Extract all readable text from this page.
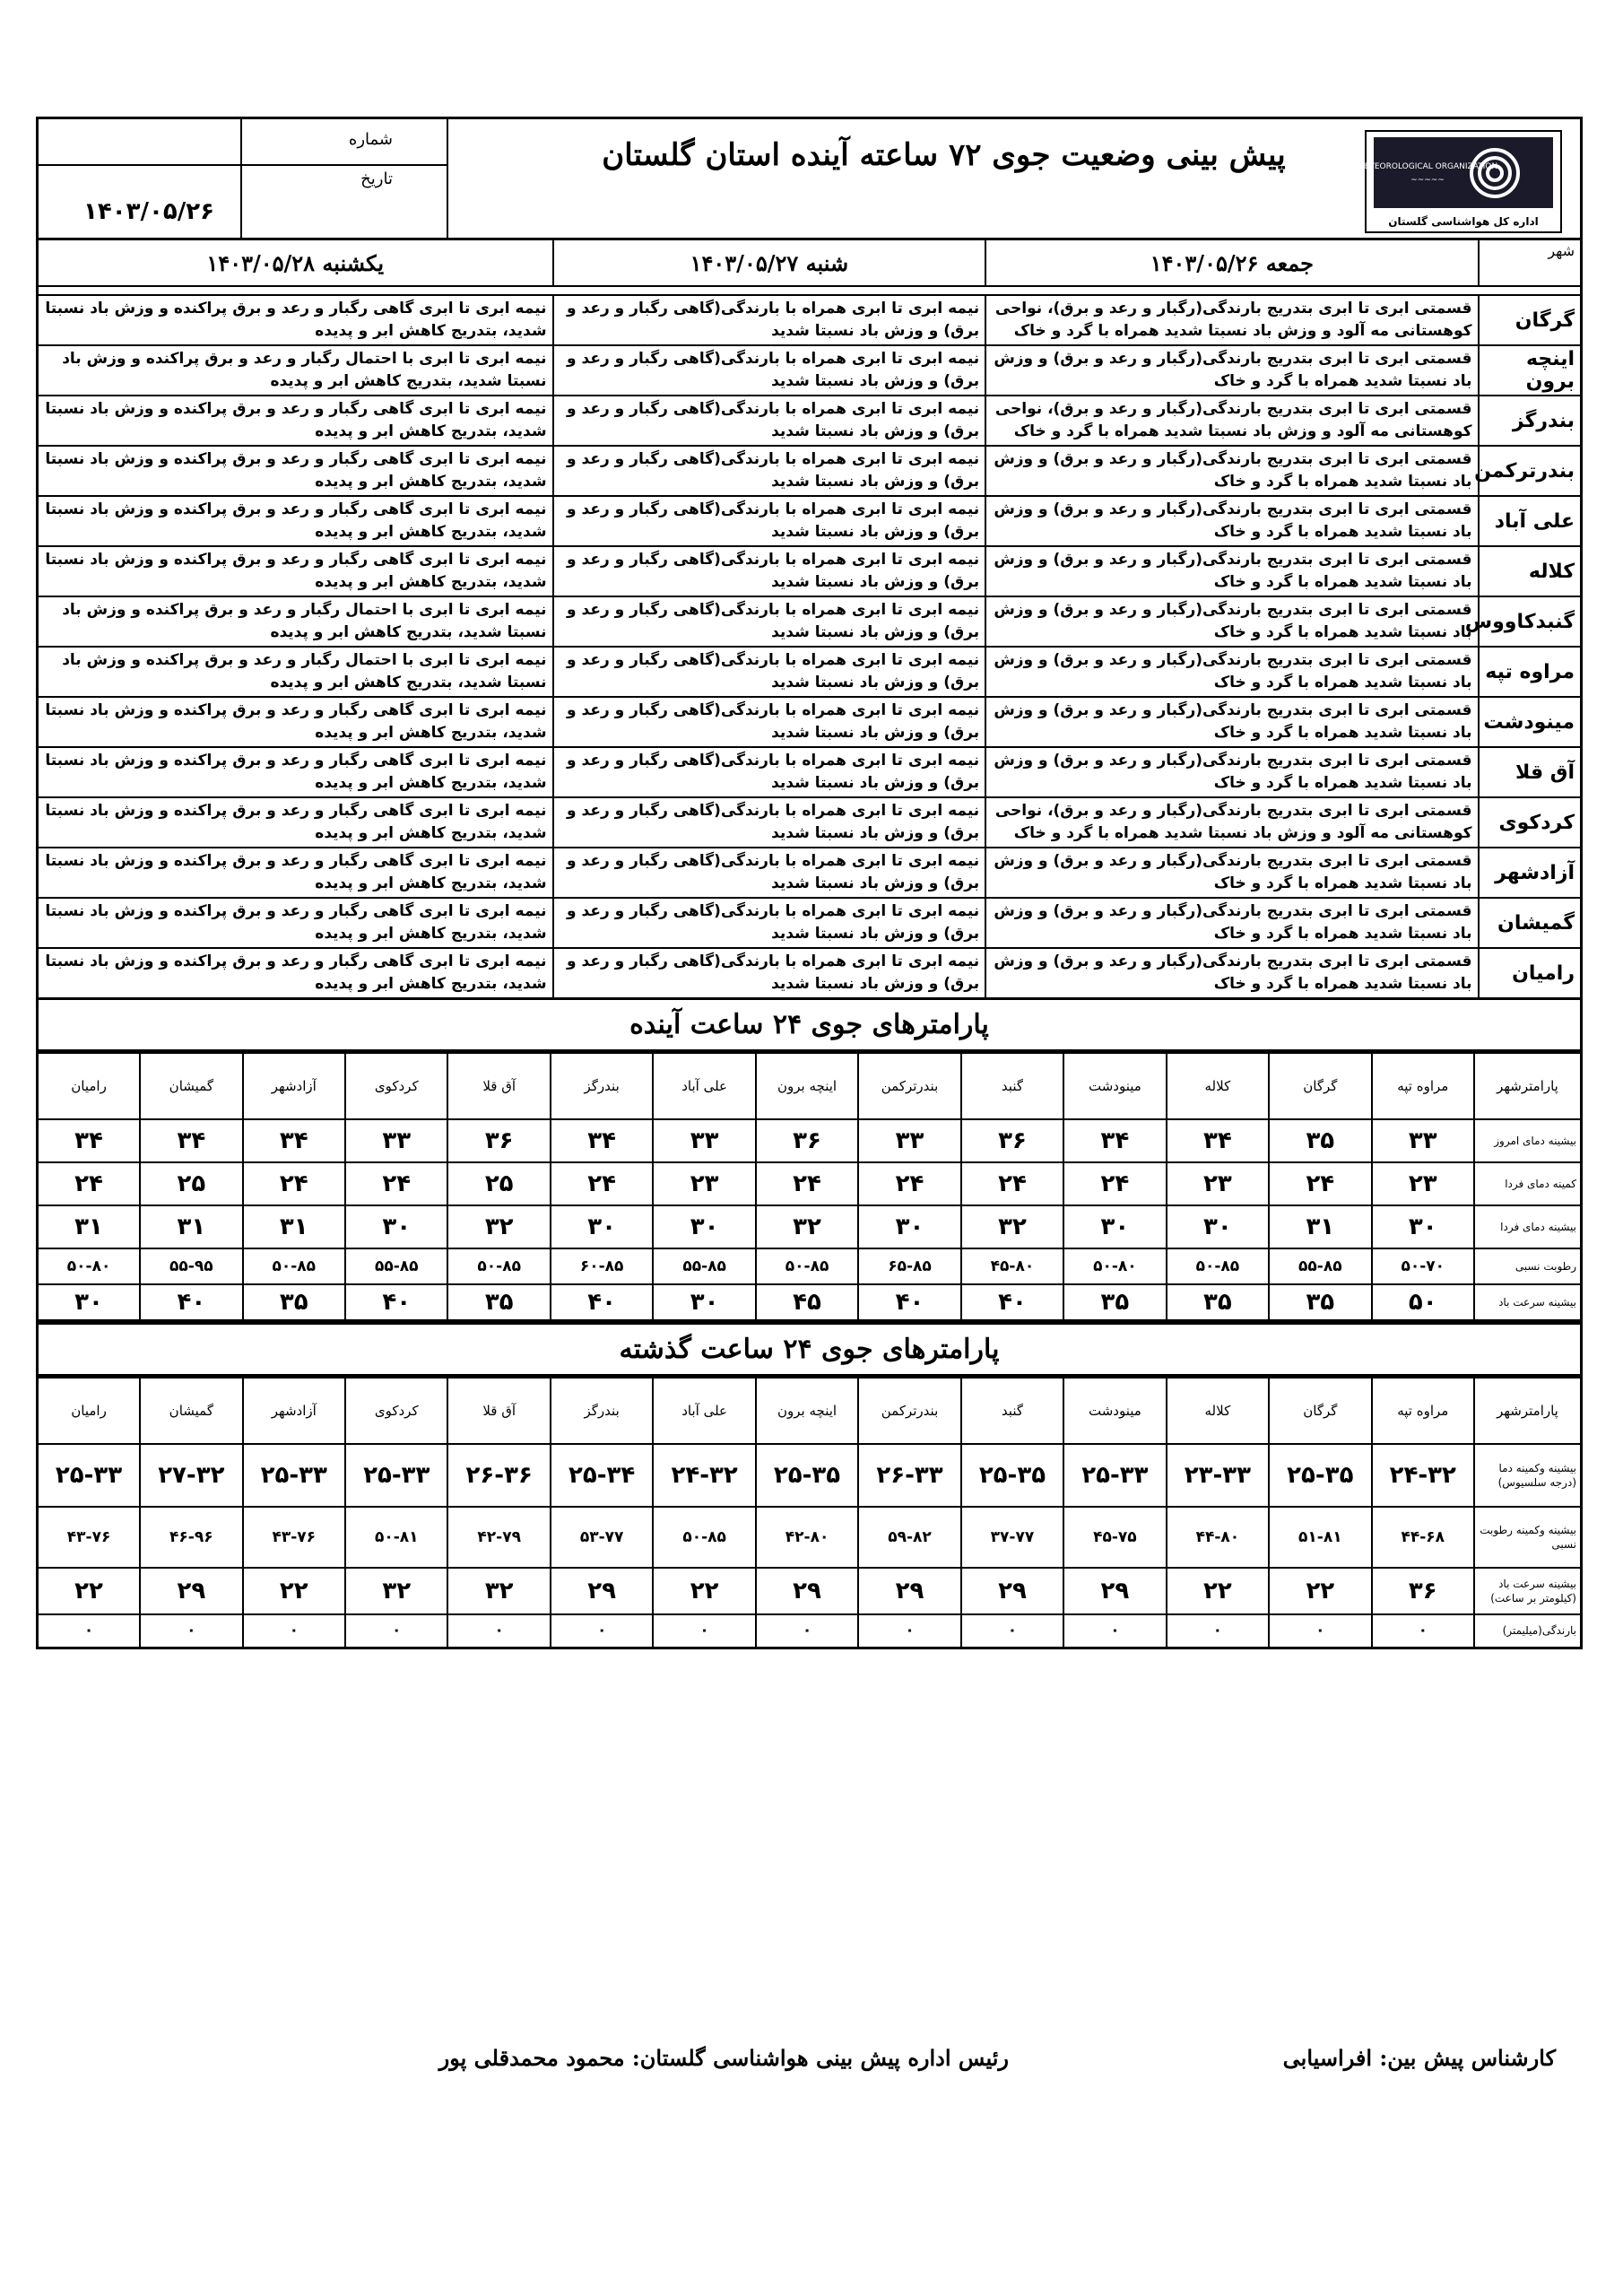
شماره
تاریخ
۱۴۰۳/۰۵/۲۶
پیش بینی وضعیت جوی ۷۲ ساعته آینده استان گلستان	METEOROLOGICAL ORGANIZATION
~~~~~
اداره کل هواشناسی گلستان
شهر	جمعه ۱۴۰۳/۰۵/۲۶	شنبه ۱۴۰۳/۰۵/۲۷	یکشنبه ۱۴۰۳/۰۵/۲۸

گرگان	قسمتی ابری تا ابری بتدریج بارندگی(رگبار و رعد و برق)، نواحی کوهستانی مه آلود و وزش باد نسبتا شدید همراه با گرد و خاک	نیمه ابری تا ابری همراه با بارندگی(گاهی رگبار و رعد و برق) و وزش باد نسبتا شدید	نیمه ابری تا ابری گاهی رگبار و رعد و برق پراکنده و وزش باد نسبتا شدید، بتدریج کاهش ابر و پدیده
اینچه برون	قسمتی ابری تا ابری بتدریج بارندگی(رگبار و رعد و برق) و وزش باد نسبتا شدید همراه با گرد و خاک	نیمه ابری تا ابری همراه با بارندگی(گاهی رگبار و رعد و برق) و وزش باد نسبتا شدید	نیمه ابری تا ابری با احتمال رگبار و رعد و برق پراکنده و وزش باد نسبتا شدید، بتدریج کاهش ابر و پدیده
بندرگز	قسمتی ابری تا ابری بتدریج بارندگی(رگبار و رعد و برق)، نواحی کوهستانی مه آلود و وزش باد نسبتا شدید همراه با گرد و خاک	نیمه ابری تا ابری همراه با بارندگی(گاهی رگبار و رعد و برق) و وزش باد نسبتا شدید	نیمه ابری تا ابری گاهی رگبار و رعد و برق پراکنده و وزش باد نسبتا شدید، بتدریج کاهش ابر و پدیده
بندرترکمن	قسمتی ابری تا ابری بتدریج بارندگی(رگبار و رعد و برق) و وزش باد نسبتا شدید همراه با گرد و خاک	نیمه ابری تا ابری همراه با بارندگی(گاهی رگبار و رعد و برق) و وزش باد نسبتا شدید	نیمه ابری تا ابری گاهی رگبار و رعد و برق پراکنده و وزش باد نسبتا شدید، بتدریج کاهش ابر و پدیده
علی آباد	قسمتی ابری تا ابری بتدریج بارندگی(رگبار و رعد و برق) و وزش باد نسبتا شدید همراه با گرد و خاک	نیمه ابری تا ابری همراه با بارندگی(گاهی رگبار و رعد و برق) و وزش باد نسبتا شدید	نیمه ابری تا ابری گاهی رگبار و رعد و برق پراکنده و وزش باد نسبتا شدید، بتدریج کاهش ابر و پدیده
کلاله	قسمتی ابری تا ابری بتدریج بارندگی(رگبار و رعد و برق) و وزش باد نسبتا شدید همراه با گرد و خاک	نیمه ابری تا ابری همراه با بارندگی(گاهی رگبار و رعد و برق) و وزش باد نسبتا شدید	نیمه ابری تا ابری گاهی رگبار و رعد و برق پراکنده و وزش باد نسبتا شدید، بتدریج کاهش ابر و پدیده
گنبدکاووس	قسمتی ابری تا ابری بتدریج بارندگی(رگبار و رعد و برق) و وزش باد نسبتا شدید همراه با گرد و خاک	نیمه ابری تا ابری همراه با بارندگی(گاهی رگبار و رعد و برق) و وزش باد نسبتا شدید	نیمه ابری تا ابری با احتمال رگبار و رعد و برق پراکنده و وزش باد نسبتا شدید، بتدریج کاهش ابر و پدیده
مراوه تپه	قسمتی ابری تا ابری بتدریج بارندگی(رگبار و رعد و برق) و وزش باد نسبتا شدید همراه با گرد و خاک	نیمه ابری تا ابری همراه با بارندگی(گاهی رگبار و رعد و برق) و وزش باد نسبتا شدید	نیمه ابری تا ابری با احتمال رگبار و رعد و برق پراکنده و وزش باد نسبتا شدید، بتدریج کاهش ابر و پدیده
مینودشت	قسمتی ابری تا ابری بتدریج بارندگی(رگبار و رعد و برق) و وزش باد نسبتا شدید همراه با گرد و خاک	نیمه ابری تا ابری همراه با بارندگی(گاهی رگبار و رعد و برق) و وزش باد نسبتا شدید	نیمه ابری تا ابری گاهی رگبار و رعد و برق پراکنده و وزش باد نسبتا شدید، بتدریج کاهش ابر و پدیده
آق قلا	قسمتی ابری تا ابری بتدریج بارندگی(رگبار و رعد و برق) و وزش باد نسبتا شدید همراه با گرد و خاک	نیمه ابری تا ابری همراه با بارندگی(گاهی رگبار و رعد و برق) و وزش باد نسبتا شدید	نیمه ابری تا ابری گاهی رگبار و رعد و برق پراکنده و وزش باد نسبتا شدید، بتدریج کاهش ابر و پدیده
کردکوی	قسمتی ابری تا ابری بتدریج بارندگی(رگبار و رعد و برق)، نواحی کوهستانی مه آلود و وزش باد نسبتا شدید همراه با گرد و خاک	نیمه ابری تا ابری همراه با بارندگی(گاهی رگبار و رعد و برق) و وزش باد نسبتا شدید	نیمه ابری تا ابری گاهی رگبار و رعد و برق پراکنده و وزش باد نسبتا شدید، بتدریج کاهش ابر و پدیده
آزادشهر	قسمتی ابری تا ابری بتدریج بارندگی(رگبار و رعد و برق) و وزش باد نسبتا شدید همراه با گرد و خاک	نیمه ابری تا ابری همراه با بارندگی(گاهی رگبار و رعد و برق) و وزش باد نسبتا شدید	نیمه ابری تا ابری گاهی رگبار و رعد و برق پراکنده و وزش باد نسبتا شدید، بتدریج کاهش ابر و پدیده
گمیشان	قسمتی ابری تا ابری بتدریج بارندگی(رگبار و رعد و برق) و وزش باد نسبتا شدید همراه با گرد و خاک	نیمه ابری تا ابری همراه با بارندگی(گاهی رگبار و رعد و برق) و وزش باد نسبتا شدید	نیمه ابری تا ابری گاهی رگبار و رعد و برق پراکنده و وزش باد نسبتا شدید، بتدریج کاهش ابر و پدیده
رامیان	قسمتی ابری تا ابری بتدریج بارندگی(رگبار و رعد و برق) و وزش باد نسبتا شدید همراه با گرد و خاک	نیمه ابری تا ابری همراه با بارندگی(گاهی رگبار و رعد و برق) و وزش باد نسبتا شدید	نیمه ابری تا ابری گاهی رگبار و رعد و برق پراکنده و وزش باد نسبتا شدید، بتدریج کاهش ابر و پدیده
پارامترهای جوی ۲۴ ساعت آینده
پارامترشهر	مراوه تپه	گرگان	کلاله	مینودشت	گنبد	بندرترکمن	اینچه برون	علی آباد	بندرگز	آق قلا	کردکوی	آزادشهر	گمیشان	رامیان
بیشینه دمای امروز	۳۳	۳۵	۳۴	۳۴	۳۶	۳۳	۳۶	۳۳	۳۴	۳۶	۳۳	۳۴	۳۴	۳۴
کمینه دمای فردا	۲۳	۲۴	۲۳	۲۴	۲۴	۲۴	۲۴	۲۳	۲۴	۲۵	۲۴	۲۴	۲۵	۲۴
بیشینه دمای فردا	۳۰	۳۱	۳۰	۳۰	۳۲	۳۰	۳۲	۳۰	۳۰	۳۲	۳۰	۳۱	۳۱	۳۱
رطوبت نسبی	۵۰-۷۰	۵۵-۸۵	۵۰-۸۵	۵۰-۸۰	۴۵-۸۰	۶۵-۸۵	۵۰-۸۵	۵۵-۸۵	۶۰-۸۵	۵۰-۸۵	۵۵-۸۵	۵۰-۸۵	۵۵-۹۵	۵۰-۸۰
بیشینه سرعت باد	۵۰	۳۵	۳۵	۳۵	۴۰	۴۰	۴۵	۳۰	۴۰	۳۵	۴۰	۳۵	۴۰	۳۰
پارامترهای جوی ۲۴ ساعت گذشته
پارامترشهر	مراوه تپه	گرگان	کلاله	مینودشت	گنبد	بندرترکمن	اینچه برون	علی آباد	بندرگز	آق قلا	کردکوی	آزادشهر	گمیشان	رامیان
بیشینه وکمینه دما (درجه سلسیوس)	۲۴-۳۲	۲۵-۳۵	۲۳-۳۳	۲۵-۳۳	۲۵-۳۵	۲۶-۳۳	۲۵-۳۵	۲۴-۳۲	۲۵-۳۴	۲۶-۳۶	۲۵-۳۳	۲۵-۳۳	۲۷-۳۲	۲۵-۳۳
بیشینه وکمینه رطوبت نسبی	۴۴-۶۸	۵۱-۸۱	۴۴-۸۰	۴۵-۷۵	۳۷-۷۷	۵۹-۸۲	۴۲-۸۰	۵۰-۸۵	۵۳-۷۷	۴۲-۷۹	۵۰-۸۱	۴۳-۷۶	۴۶-۹۶	۴۳-۷۶
بیشینه سرعت باد (کیلومتر بر ساعت)	۳۶	۲۲	۲۲	۲۹	۲۹	۲۹	۲۹	۲۲	۲۹	۳۲	۳۲	۲۲	۲۹	۲۲
بارندگی(میلیمتر)	۰	۰	۰	۰	۰	۰	۰	۰	۰	۰	۰	۰	۰	۰
کارشناس پیش بین: افراسیابی
رئیس اداره پیش بینی هواشناسی گلستان: محمود محمدقلی پور
